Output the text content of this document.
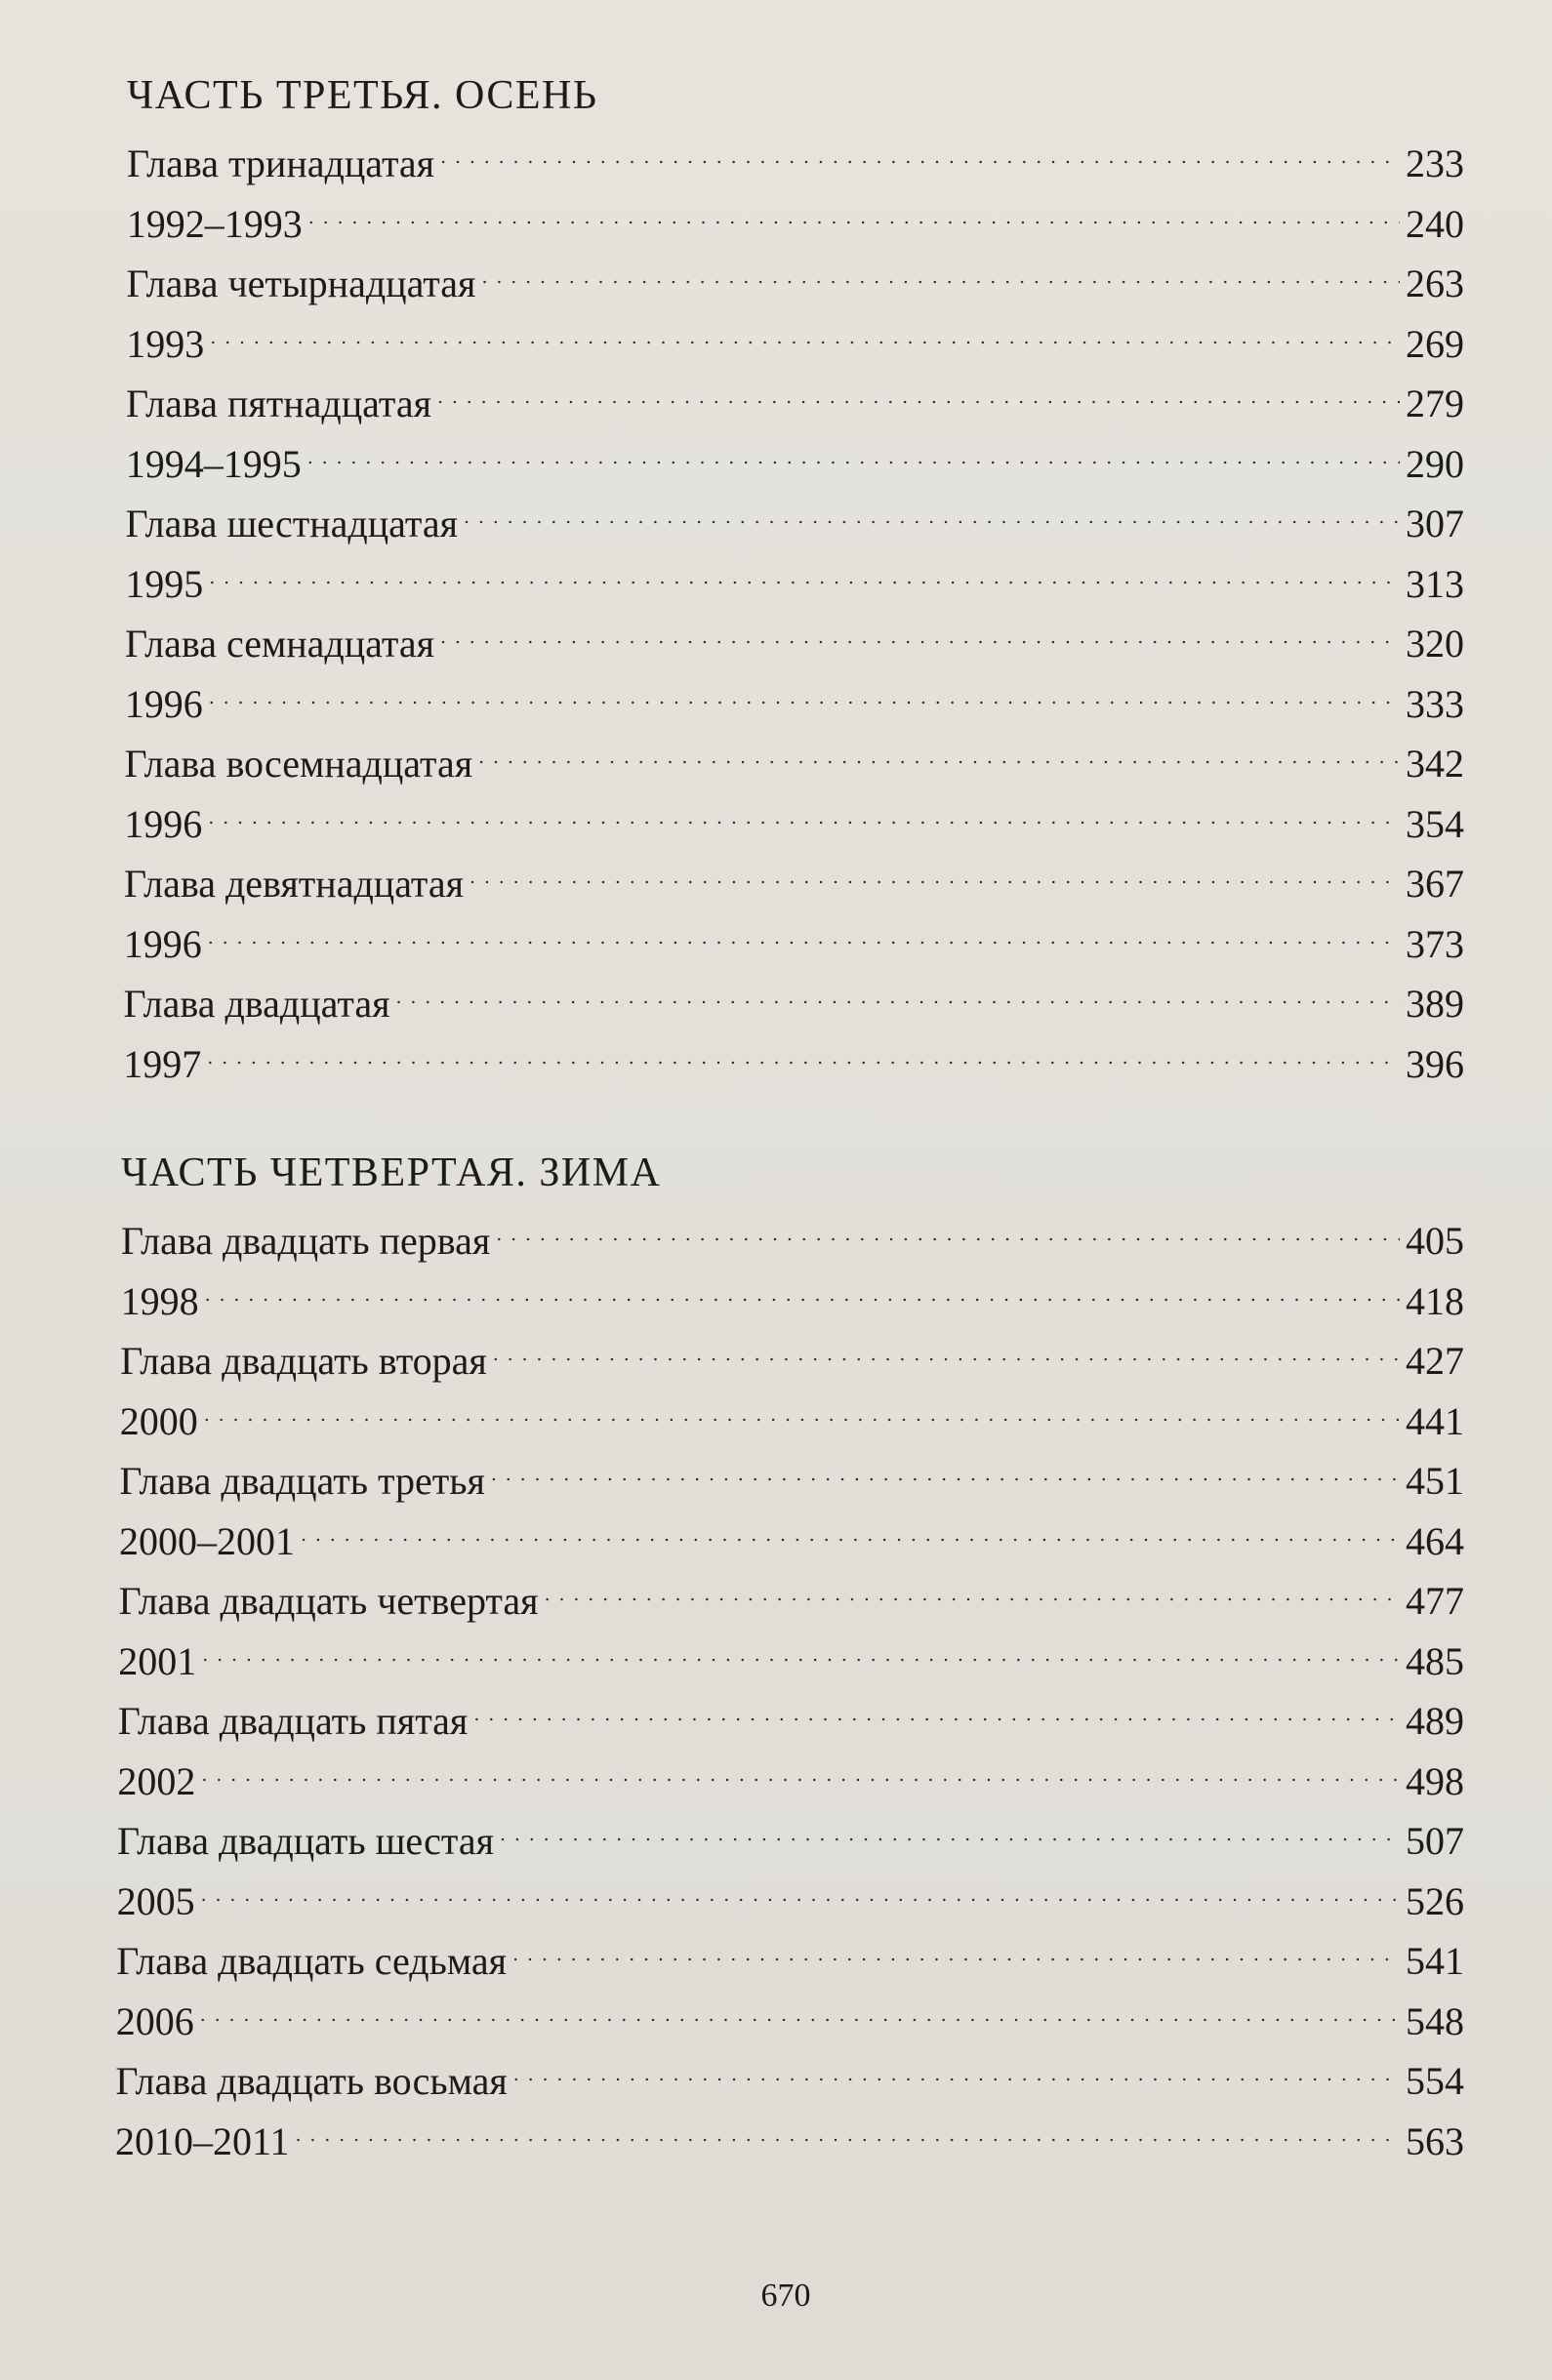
ЧАСТЬ ТРЕТЬЯ. ОСЕНЬ
Глава тринадцатая . . .	233
1992–1993 . . .	240
Глава четырнадцатая . . .	263
1993 . . .	269
Глава пятнадцатая . . .	279
1994–1995 . . .	290
Глава шестнадцатая . . .	307
1995 . . .	313
Глава семнадцатая . . .	320
1996 . . .	333
Глава восемнадцатая . . .	342
1996 . . .	354
Глава девятнадцатая . . .	367
1996 . . .	373
Глава двадцатая . . .	389
1997 . . .	396
ЧАСТЬ ЧЕТВЕРТАЯ. ЗИМА
Глава двадцать первая . . .	405
1998 . . .	418
Глава двадцать вторая . . .	427
2000 . . .	441
Глава двадцать третья . . .	451
2000–2001 . . .	464
Глава двадцать четвертая . . .	477
2001 . . .	485
Глава двадцать пятая . . .	489
2002 . . .	498
Глава двадцать шестая . . .	507
2005 . . .	526
Глава двадцать седьмая . . .	541
2006 . . .	548
Глава двадцать восьмая . . .	554
2010–2011 . . .	563
670
